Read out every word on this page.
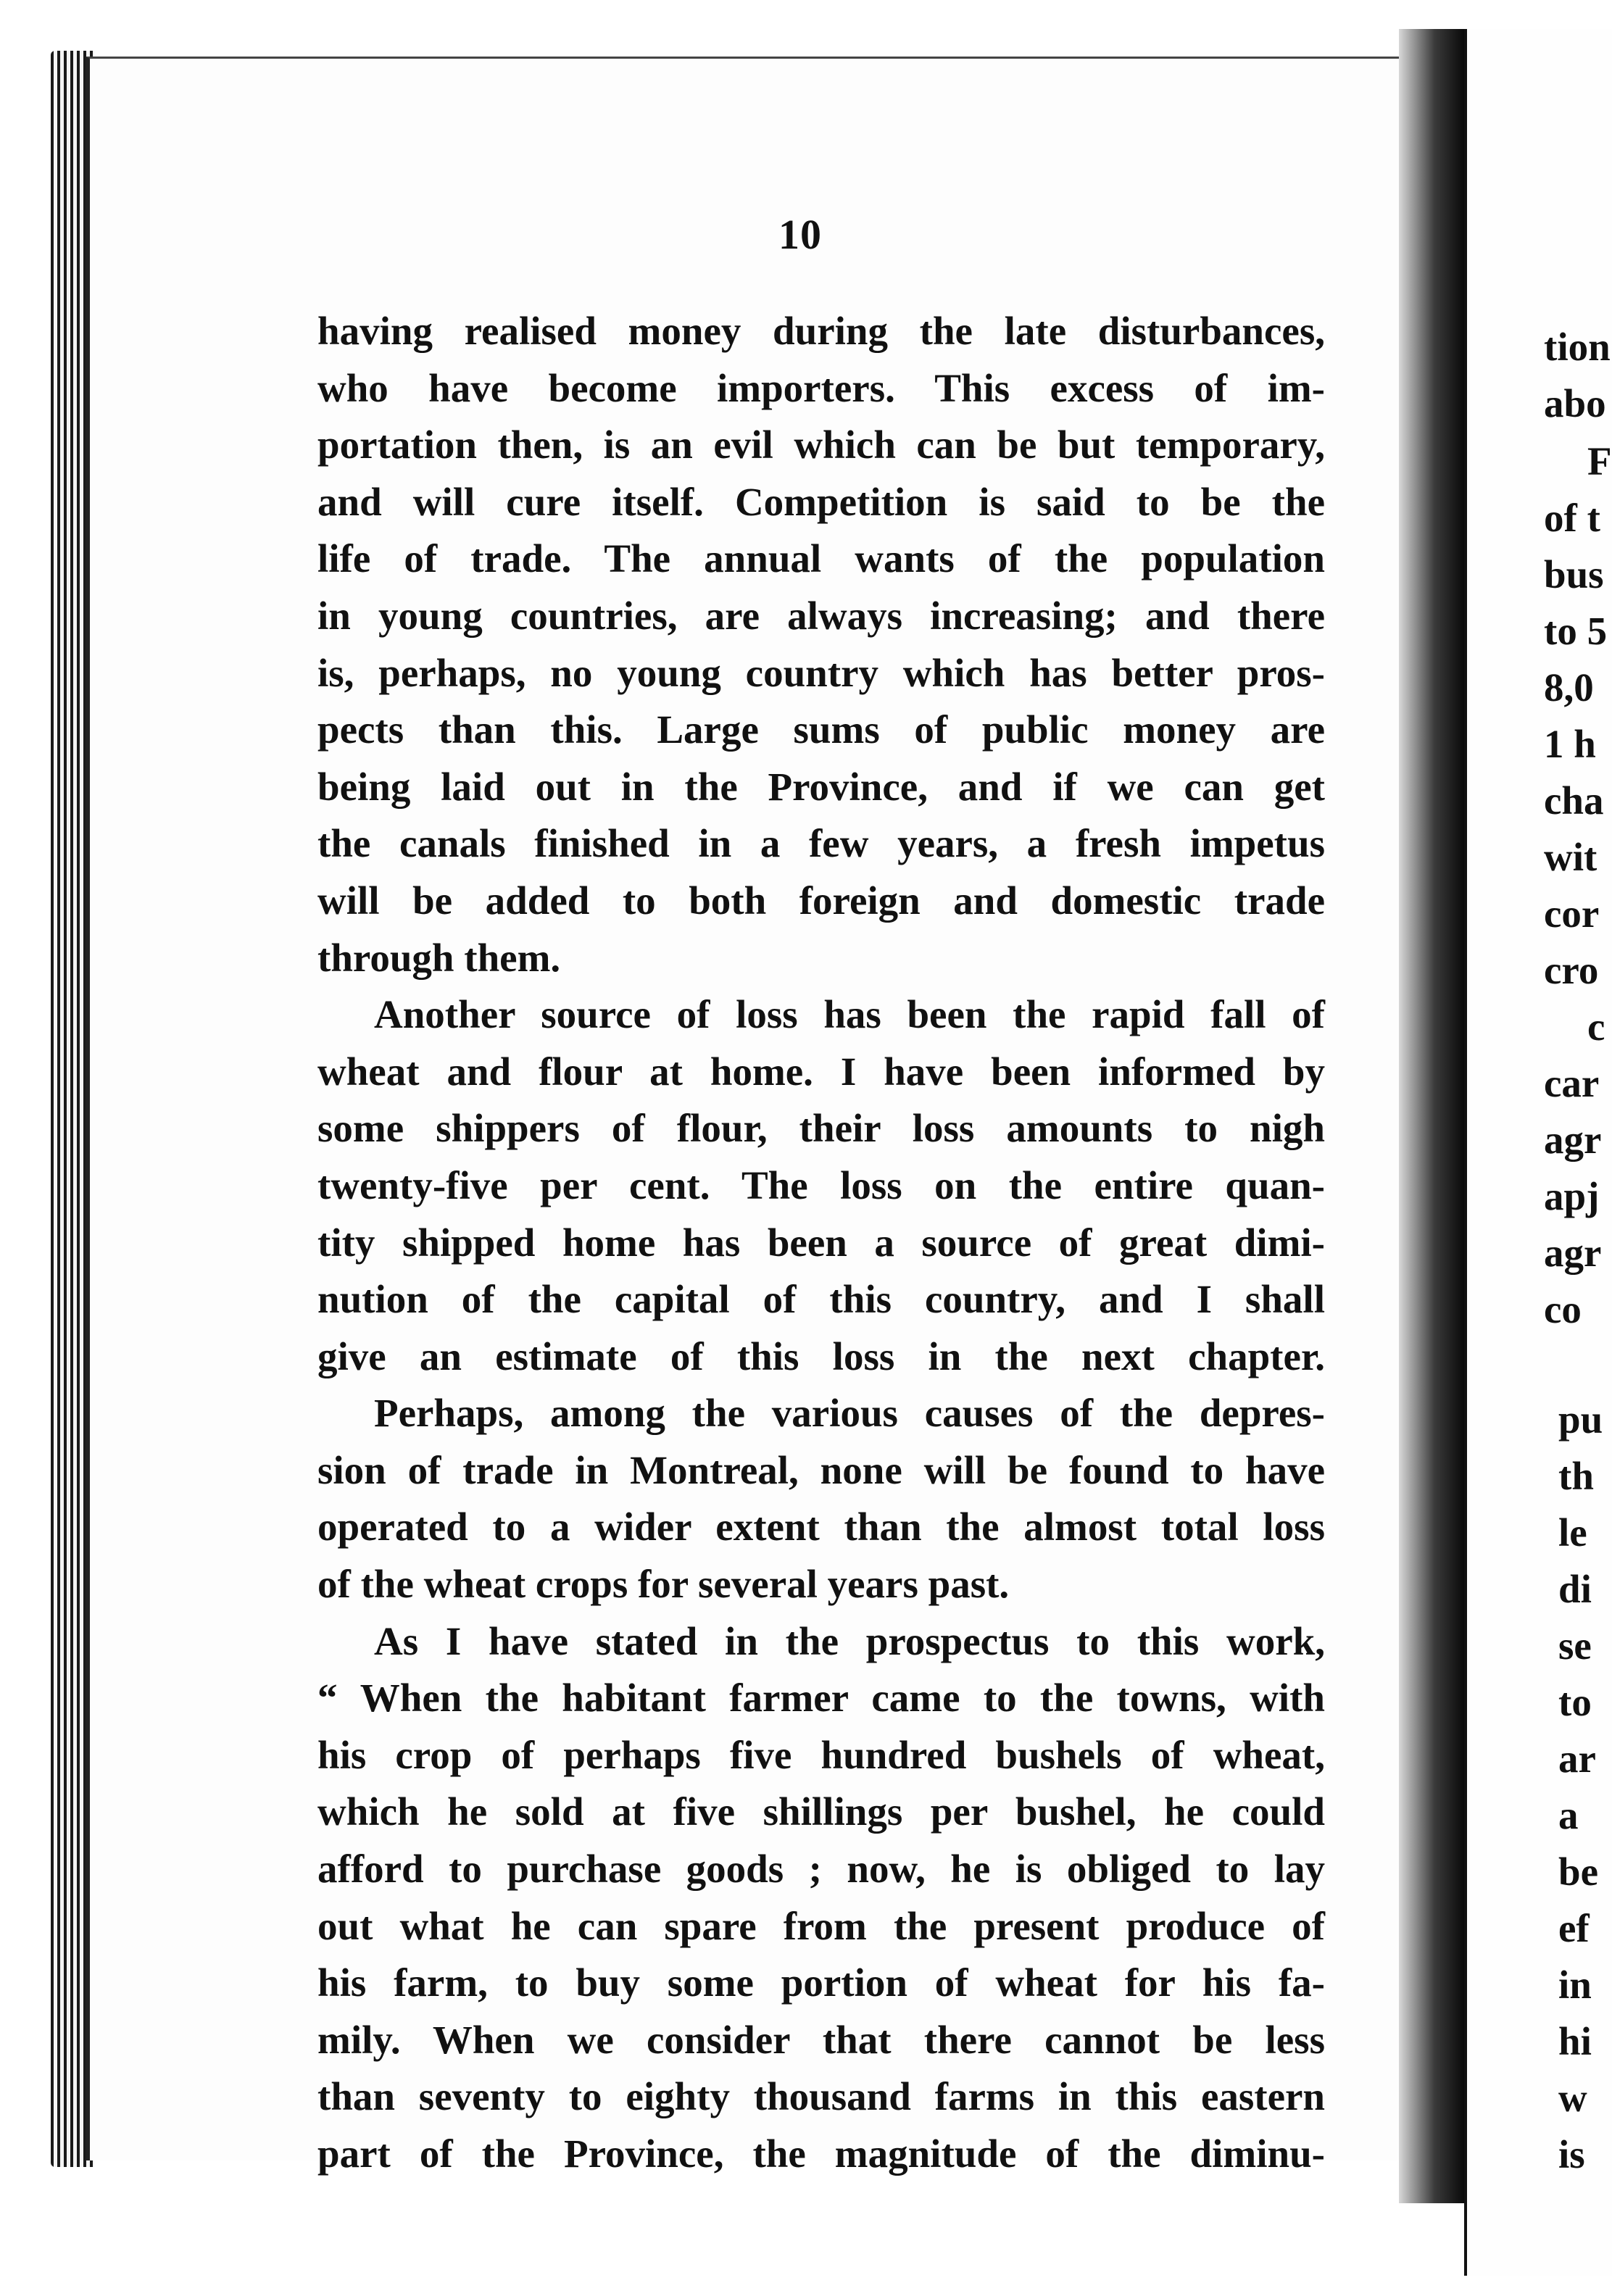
10
having realised money during the late disturbances,
who have become importers. This excess of im-
portation then, is an evil which can be but temporary,
and will cure itself. Competition is said to be the
life of trade. The annual wants of the population
in young countries, are always increasing; and there
is, perhaps, no young country which has better pros-
pects than this. Large sums of public money are
being laid out in the Province, and if we can get
the canals finished in a few years, a fresh impetus
will be added to both foreign and domestic trade
through them.
Another source of loss has been the rapid fall of
wheat and flour at home. I have been informed by
some shippers of flour, their loss amounts to nigh
twenty-five per cent. The loss on the entire quan-
tity shipped home has been a source of great dimi-
nution of the capital of this country, and I shall
give an estimate of this loss in the next chapter.
Perhaps, among the various causes of the depres-
sion of trade in Montreal, none will be found to have
operated to a wider extent than the almost total loss
of the wheat crops for several years past.
As I have stated in the prospectus to this work,
“ When the habitant farmer came to the towns, with
his crop of perhaps five hundred bushels of wheat,
which he sold at five shillings per bushel, he could
afford to purchase goods ; now, he is obliged to lay
out what he can spare from the present produce of
his farm, to buy some portion of wheat for his fa-
mily. When we consider that there cannot be less
than seventy to eighty thousand farms in this eastern
part of the Province, the magnitude of the diminu-
tion
abo
F
of t
bus
to 5
8,0
1 h
cha
wit
cor
cro
c
car
agr
apj
agr
co
pu
th
le
di
se
to
ar
a
be
ef
in
hi
w
is
